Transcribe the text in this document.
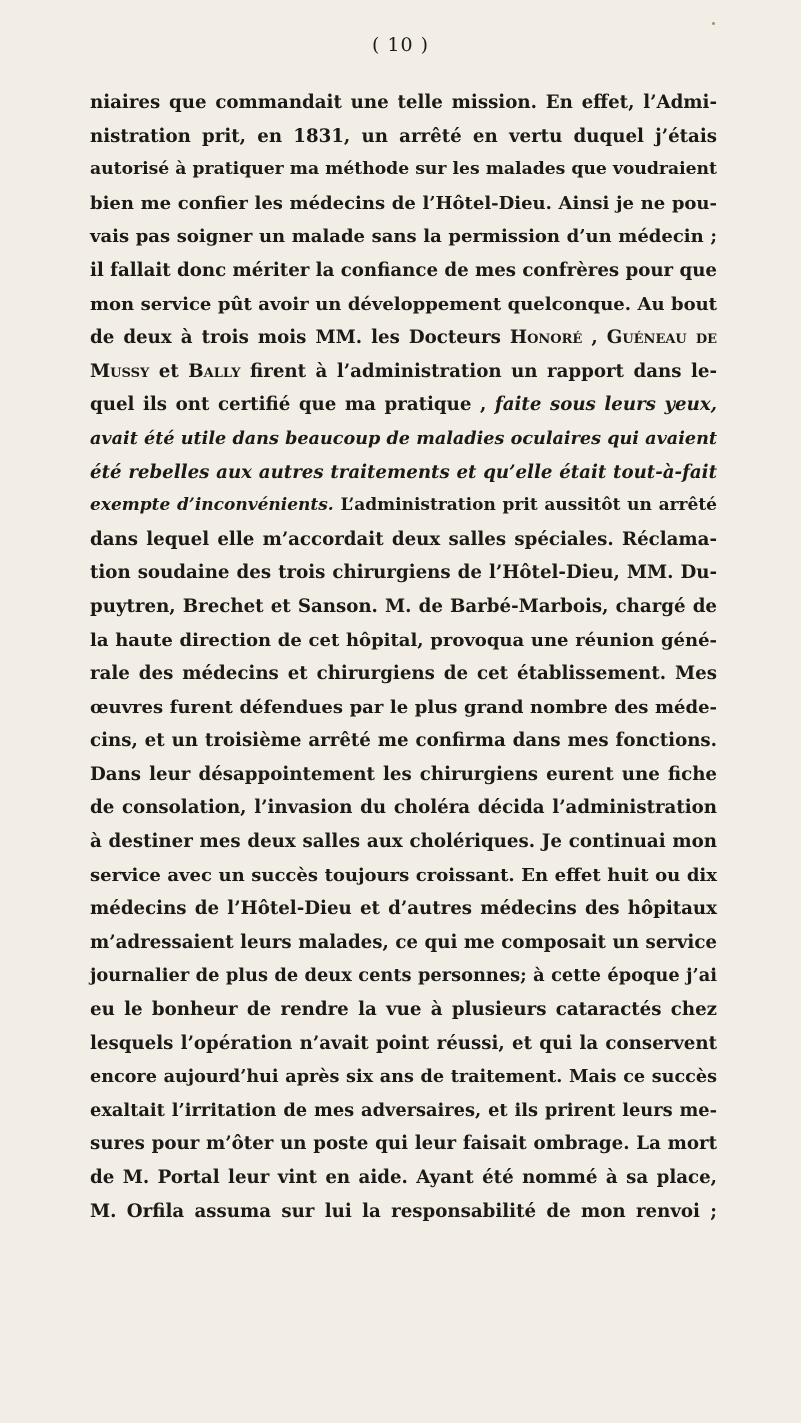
( 10 )
niaires que commandait une telle mission. En effet, l’Admi-
nistration prit, en 1831, un arrêté en vertu duquel j’étais
autorisé à pratiquer ma méthode sur les malades que voudraient
bien me confier les médecins de l’Hôtel-Dieu. Ainsi je ne pou-
vais pas soigner un malade sans la permission d’un médecin ;
il fallait donc mériter la confiance de mes confrères pour que
mon service pût avoir un développement quelconque. Au bout
de deux à trois mois MM. les Docteurs Honoré , Guéneau de
Mussy et Bally firent à l’administration un rapport dans le-
quel ils ont certifié que ma pratique , faite sous leurs yeux,
avait été utile dans beaucoup de maladies oculaires qui avaient
été rebelles aux autres traitements et qu’elle était tout-à-fait
exempte d’inconvénients. L’administration prit aussitôt un arrêté
dans lequel elle m’accordait deux salles spéciales. Réclama-
tion soudaine des trois chirurgiens de l’Hôtel-Dieu, MM. Du-
puytren, Brechet et Sanson. M. de Barbé-Marbois, chargé de
la haute direction de cet hôpital, provoqua une réunion géné-
rale des médecins et chirurgiens de cet établissement. Mes
œuvres furent défendues par le plus grand nombre des méde-
cins, et un troisième arrêté me confirma dans mes fonctions.
Dans leur désappointement les chirurgiens eurent une fiche
de consolation, l’invasion du choléra décida l’administration
à destiner mes deux salles aux cholériques. Je continuai mon
service avec un succès toujours croissant. En effet huit ou dix
médecins de l’Hôtel-Dieu et d’autres médecins des hôpitaux
m’adressaient leurs malades, ce qui me composait un service
journalier de plus de deux cents personnes; à cette époque j’ai
eu le bonheur de rendre la vue à plusieurs cataractés chez
lesquels l’opération n’avait point réussi, et qui la conservent
encore aujourd’hui après six ans de traitement. Mais ce succès
exaltait l’irritation de mes adversaires, et ils prirent leurs me-
sures pour m’ôter un poste qui leur faisait ombrage. La mort
de M. Portal leur vint en aide. Ayant été nommé à sa place,
M. Orfila assuma sur lui la responsabilité de mon renvoi ;
